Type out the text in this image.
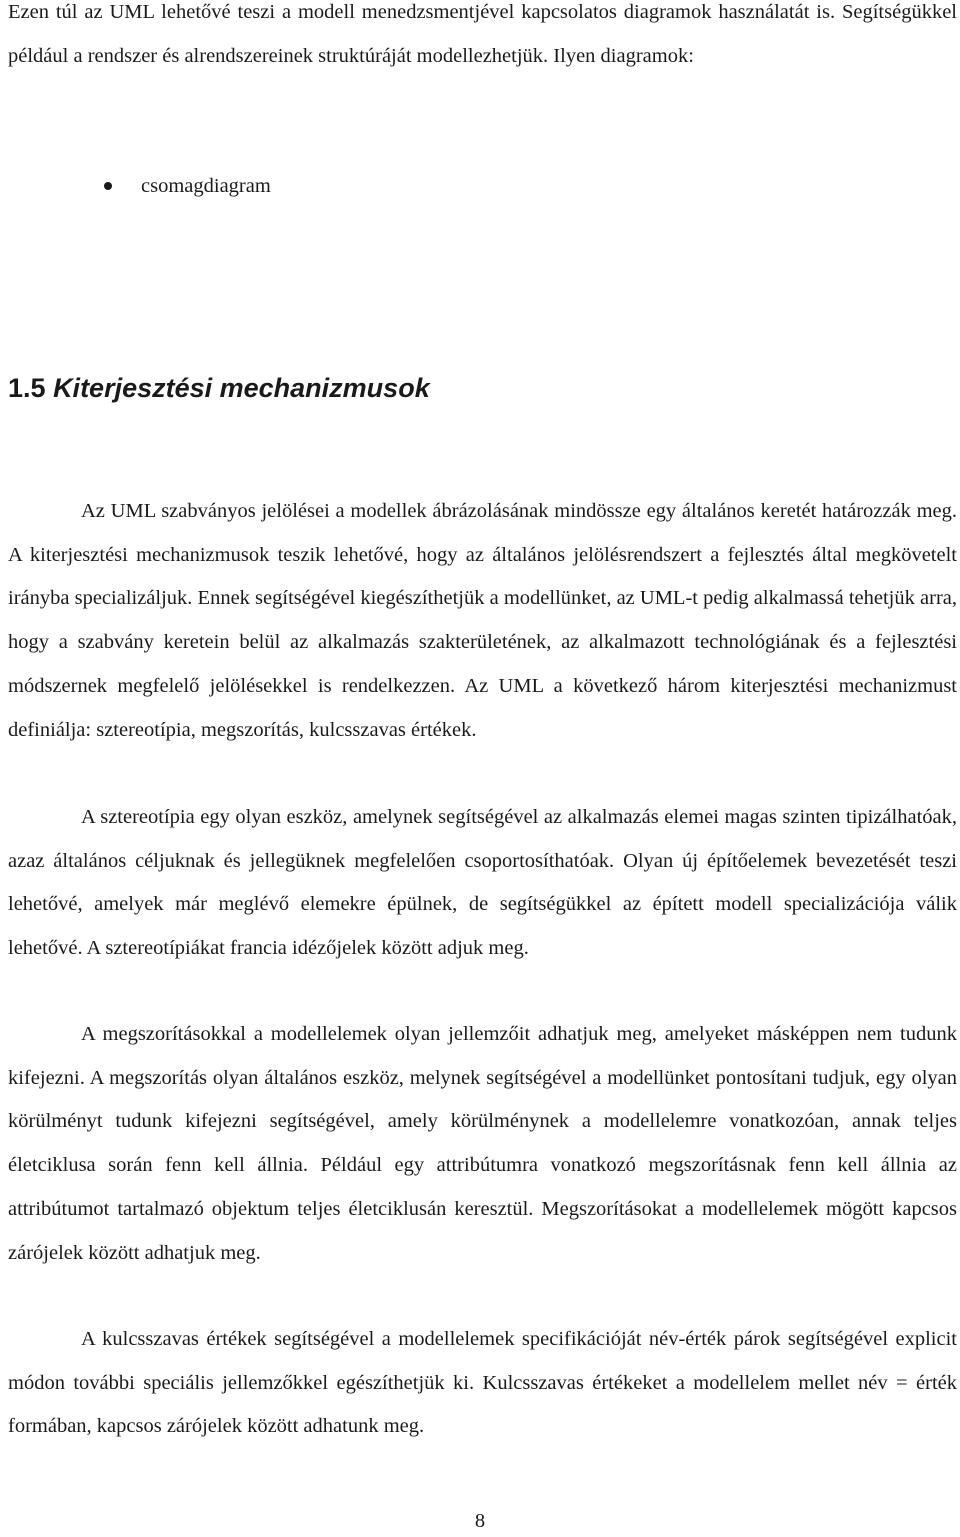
Ezen túl az UML lehetővé teszi a modell menedzsmentjével kapcsolatos diagramok használatát is. Segítségükkel például a rendszer és alrendszereinek struktúráját modellezhetjük. Ilyen diagramok:

csomagdiagram
1.5 Kiterjesztési mechanizmusok

Az UML szabványos jelölései a modellek ábrázolásának mindössze egy általános keretét határozzák meg. A kiterjesztési mechanizmusok teszik lehetővé, hogy az általános jelölésrendszert a fejlesztés által megkövetelt irányba specializáljuk. Ennek segítségével kiegészíthetjük a modellünket, az UML-t pedig alkalmassá tehetjük arra, hogy a szabvány keretein belül az alkalmazás szakterületének, az alkalmazott technológiának és a fejlesztési módszernek megfelelő jelölésekkel is rendelkezzen. Az UML a következő három kiterjesztési mechanizmust definiálja: sztereotípia, megszorítás, kulcsszavas értékek.

A sztereotípia egy olyan eszköz, amelynek segítségével az alkalmazás elemei magas szinten tipizálhatóak, azaz általános céljuknak és jellegüknek megfelelően csoportosíthatóak. Olyan új építőelemek bevezetését teszi lehetővé, amelyek már meglévő elemekre épülnek, de segítségükkel az épített modell specializációja válik lehetővé. A sztereotípiákat francia idézőjelek között adjuk meg.

A megszorításokkal a modellelemek olyan jellemzőit adhatjuk meg, amelyeket másképpen nem tudunk kifejezni. A megszorítás olyan általános eszköz, melynek segítségével a modellünket pontosítani tudjuk, egy olyan körülményt tudunk kifejezni segítségével, amely körülménynek a modellelemre vonatkozóan, annak teljes életciklusa során fenn kell állnia. Például egy attribútumra vonatkozó megszorításnak fenn kell állnia az attribútumot tartalmazó objektum teljes életciklusán keresztül. Megszorításokat a modellelemek mögött kapcsos zárójelek között adhatjuk meg.

A kulcsszavas értékek segítségével a modellelemek specifikációját név-érték párok segítségével explicit módon további speciális jellemzőkkel egészíthetjük ki. Kulcsszavas értékeket a modellelem mellet név = érték formában, kapcsos zárójelek között adhatunk meg.

8
